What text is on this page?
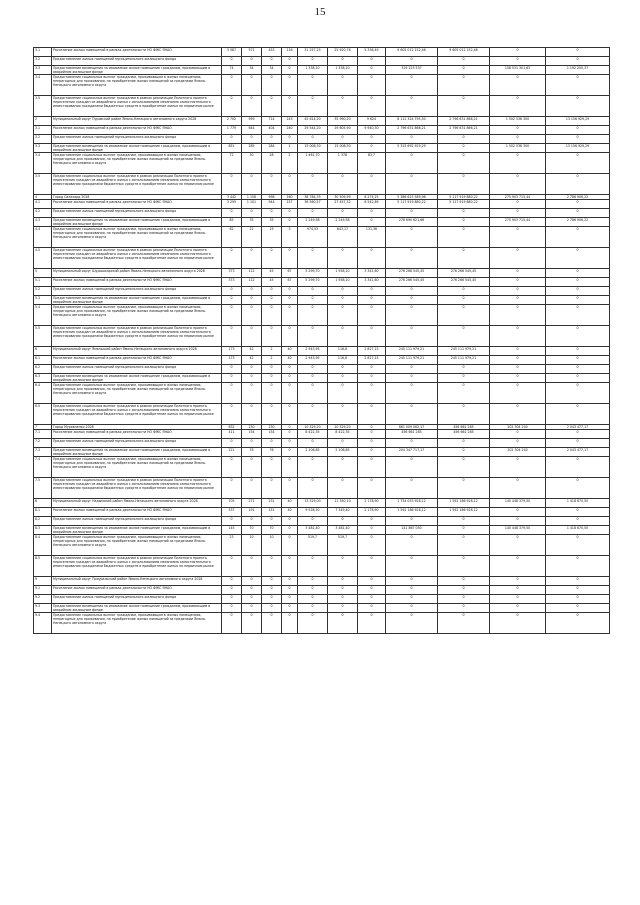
15
3.1	Расселение жилых помещений в рамках деятельности НО ФЖС ЯНАО	3 587	571	453	116	31 257,25	25 920,76	5 336,49	9 605 012 152,46	9 605 012 152,46	0	0
3.2	Предоставление жилых помещений муниципального жилищного фонда	0	0	0	0	0	0	0	0	0	0	0
3.3	Предоставление возмещения за изымаемое жилое помещение гражданам, проживающим в аварийном жилищном фонде	74	34	34	0	1 338,10	1 338,10	0	319 223 537	0	158 531 301,63	1 192 205,37
3.4	Предоставление социальных выплат гражданам, проживающим в жилых помещениях, непригодных для проживания, на приобретение жилых помещений за пределами Ямало-Ненецкого автономного округа	0	0	0	0	0	0	0	0	0	0	0
3.5	Предоставление социальных выплат гражданам в рамках реализации Пилотного проекта переселения граждан из аварийного жилья с использованием механизма самостоятельного инвестирования гражданами бюджетных средств в приобретение жилья на первичном рынке	0	0	0	0	0	0	0	0	0	0	0
2	Муниципальный округ Пуровский район Ямало-Ненецкого автономного округа 2028	2 702	959	714	243	45 614,20	35 990,20	9 624	8 112 324 795,50	2 796 631 866,21	1 502 536 300	13 156 929,29
3.1	Расселение жилых помещений в рамках деятельности НО ФЖС ЯНАО	1 779	644	404	240	29 544,20	19 605,90	9 940,30	2 796 631 866,21	2 796 631 866,21	0	0
3.2	Предоставление жилых помещений муниципального жилищного фонда	0	0	0	0	0	0	0	0	0	0	0
3.3	Предоставление возмещения за изымаемое жилое помещение гражданам, проживающим в аварийном жилищном фонде	851	285	284	1	15 008,30	15 008,30	0	5 315 692 929,29	0	1 502 536 300	13 156 929,29
3.4	Предоставление социальных выплат гражданам, проживающим в жилых помещениях, непригодных для проживания, на приобретение жилых помещений за пределами Ямало-Ненецкого автономного округа	72	30	28	2	1 461,70	1 378	83,7	0	0	0	0
3.5	Предоставление социальных выплат гражданам в рамках реализации Пилотного проекта переселения граждан из аварийного жилья с использованием механизма самостоятельного инвестирования гражданами бюджетных средств в приобретение жилья на первичном рынке	0	0	0	0	0	0	0	0	0	0	0
4	Город Салехард 2028	3 442	1 158	998	160	38 784,35	30 509,99	8 274,25	5 386 615 589,98	5 117 919 880,22	275 903 715,44	2 786 906,22
4.1	Расселение жилых помещений в рамках деятельности НО ФЖС ЯНАО	3 295	1 101	944	157	36 560,57	27 457,32	8 542,89	5 117 919 880,22	5 117 919 880,22	0	0
4.2	Предоставление жилых помещений муниципального жилищного фонда	0	0	0	0	0	0	0	0	0	0	0
4.3	Предоставление возмещения за изымаемое жилое помещение гражданам, проживающим в аварийном жилищном фонде	85	35	35	0	2 249,58	2 249,58	0	278 690 621,66	0	275 903 715,44	2 786 906,22
4.4	Предоставление социальных выплат гражданам, проживающим в жилых помещениях, непригодных для проживания, на приобретение жилых помещений за пределами Ямало-Ненецкого автономного округа	62	22	19	3	974,53	843,17	131,36	0	0	0	0
4.5	Предоставление социальных выплат гражданам в рамках реализации Пилотного проекта переселения граждан из аварийного жилья с использованием механизма самостоятельного инвестирования гражданами бюджетных средств в приобретение жилья на первичном рынке	0	0	0	0	0	0	0	0	0	0	0
5	Муниципальный округ Шурышкарский район Ямало-Ненецкого автономного округа 2028	373	112	45	67	5 299,70	1 958,10	3 341,60	276 266 545,45	276 266 545,45	0	0
5.1	Расселение жилых помещений в рамках деятельности НО ФЖС ЯНАО	373	112	45	67	5 299,70	1 958,10	3 341,60	276 266 545,45	276 266 545,45	0	0
5.2	Предоставление жилых помещений муниципального жилищного фонда	0	0	0	0	0	0	0	0	0	0	0
5.3	Предоставление возмещения за изымаемое жилое помещение гражданам, проживающим в аварийном жилищном фонде	0	0	0	0	0	0	0	0	0	0	0
5.4	Предоставление социальных выплат гражданам, проживающим в жилых помещениях, непригодных для проживания, на приобретение жилых помещений за пределами Ямало-Ненецкого автономного округа	0	0	0	0	0	0	0	0	0	0	0
5.5	Предоставление социальных выплат гражданам в рамках реализации Пилотного проекта переселения граждан из аварийного жилья с использованием механизма самостоятельного инвестирования гражданами бюджетных средств в приобретение жилья на первичном рынке	0	0	0	0	0	0	0	0	0	0	0
6	Муниципальный округ Ямальский район Ямало-Ненецкого автономного округа 2028	173	42	2	40	2 943,95	116,8	2 827,15	245 111 979,21	245 111 979,21	0	0
6.1	Расселение жилых помещений в рамках деятельности НО ФЖС ЯНАО	173	42	2	40	2 943,95	116,8	2 827,15	245 111 979,21	245 111 979,21	0	0
6.2	Предоставление жилых помещений муниципального жилищного фонда	0	0	0	0	0	0	0	0	0	0	0
6.3	Предоставление возмещения за изымаемое жилое помещение гражданам, проживающим в аварийном жилищном фонде	0	0	0	0	0	0	0	0	0	0	0
6.4	Предоставление социальных выплат гражданам, проживающим в жилых помещениях, непригодных для проживания, на приобретение жилых помещений за пределами Ямало-Ненецкого автономного округа	0	0	0	0	0	0	0	0	0	0	0
6.5	Предоставление социальных выплат гражданам в рамках реализации Пилотного проекта переселения граждан из аварийного жилья с использованием механизма самостоятельного инвестирования гражданами бюджетных средств в приобретение жилья на первичном рынке	0	0	0	0	0	0	0	0	0	0	0
7	Город Муравленко 2028	632	230	230	0	10 529,20	10 529,20	0	661 009 062,17	456 661 285	202 304 240	2 043 477,17
7.1	Расселение жилых помещений в рамках деятельности НО ФЖС ЯНАО	411	154	154	0	8 422,35	8 422,35	0	456 661 285	456 661 285	0	0
7.2	Предоставление жилых помещений муниципального жилищного фонда	0	0	0	0	0	0	0	0	0	0	0
7.3	Предоставление возмещения за изымаемое жилое помещение гражданам, проживающим в аварийном жилищном фонде	221	76	76	0	2 106,85	2 106,85	0	204 347 717,17	0	202 304 240	2 043 477,17
7.4	Предоставление социальных выплат гражданам, проживающим в жилых помещениях, непригодных для проживания, на приобретение жилых помещений за пределами Ямало-Ненецкого автономного округа	0	0	0	0	0	0	0	0	0	0	0
7.5	Предоставление социальных выплат гражданам в рамках реализации Пилотного проекта переселения граждан из аварийного жилья с использованием механизма самостоятельного инвестирования гражданами бюджетных средств в приобретение жилья на первичном рынке	0	0	0	0	0	0	0	0	0	0	0
8	Муниципальный округ Надымский район Ямало-Ненецкого автономного округа 2028	705	271	231	40	13 529,00	11 350,10	2 178,90	1 734 053 928,12	1 592 186 928,12	140 448 379,50	1 418 670,50
8.1	Расселение жилых помещений в рамках деятельности НО ФЖС ЯНАО	537	191	151	40	9 528,30	7 349,40	2 178,90	1 592 186 928,12	1 592 186 928,12	0	0
8.2	Предоставление жилых помещений муниципального жилищного фонда	0	0	0	0	0	0	0	0	0	0	0
8.3	Предоставление возмещения за изымаемое жилое помещение гражданам, проживающим в аварийном жилищном фонде	145	70	70	0	3 481,40	3 481,40	0	141 867 050	0	140 448 379,50	1 418 670,50
8.4	Предоставление социальных выплат гражданам, проживающим в жилых помещениях, непригодных для проживания, на приобретение жилых помещений за пределами Ямало-Ненецкого автономного округа	23	10	10	0	519,7	519,7	0	0	0	0	0
8.5	Предоставление социальных выплат гражданам в рамках реализации Пилотного проекта переселения граждан из аварийного жилья с использованием механизма самостоятельного инвестирования гражданами бюджетных средств в приобретение жилья на первичном рынке	0	0	0	0	0	0	0	0	0	0	0
9	Муниципальный округ Приуральский район Ямало-Ненецкого автономного округа 2028	0	0	0	0	0	0	0	0	0	0	0
9.1	Расселение жилых помещений в рамках деятельности НО ФЖС ЯНАО	0	0	0	0	0	0	0	0	0	0	0
9.2	Предоставление жилых помещений муниципального жилищного фонда	0	0	0	0	0	0	0	0	0	0	0
9.3	Предоставление возмещения за изымаемое жилое помещение гражданам, проживающим в аварийном жилищном фонде	0	0	0	0	0	0	0	0	0	0	0
9.4	Предоставление социальных выплат гражданам, проживающим в жилых помещениях, непригодных для проживания, на приобретение жилых помещений за пределами Ямало-Ненецкого автономного округа	0	0	0	0	0	0	0	0	0	0	0
